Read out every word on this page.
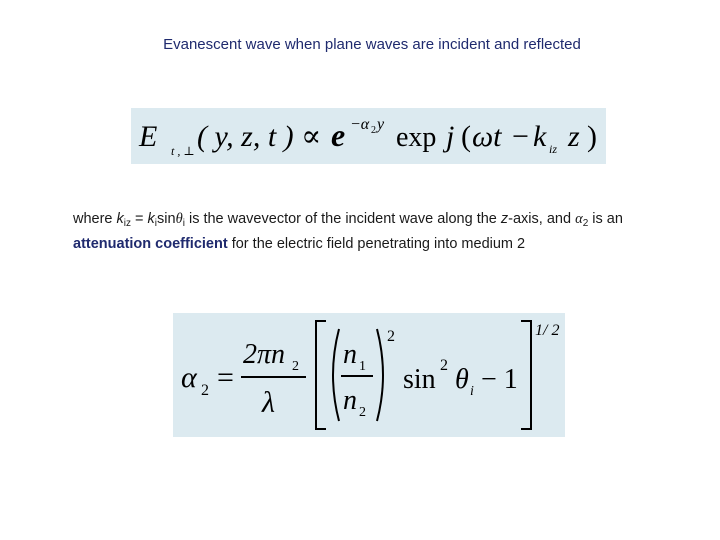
Evanescent wave when plane waves are incident and reflected
E t , ⊥ ( y, z, t ) ∝ e −α 2 y exp j ( ωt − k iz z )
where $k_{iz} = k_i\sin\theta_i$ is the wavevector of the incident wave along the z-axis, and $\alpha_2$ is an attenuation coefficient for the electric field penetrating into medium 2
α 2 =
2πn 2
λ
n 1
n 2
2
sin 2 θ i − 1
1/ 2
